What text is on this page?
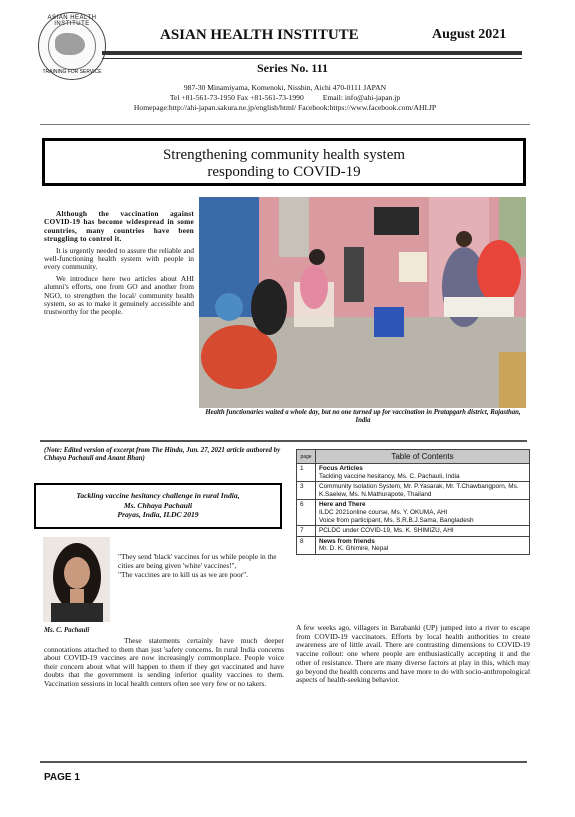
ASIAN HEALTH INSTITUTE
TRAINING FOR SERVICE
ASIAN HEALTH INSTITUTE	August 2021
Series No. 111
987-30 Minamiyama, Komenoki, Nisshin, Aichi 470-0111 JAPAN
Tel +81-561-73-1950 Fax +81-561-73-1990          Email: info@ahi-japan.jp
Homepage:http://ahi-japan.sakura.ne.jp/english/html/ Facebook:https://www.facebook.com/AHI.JP
Strengthening community health system
responding to COVID-19

Although the vaccination against COVID-19 has become widespread in some countries, many countries have been struggling to control it.

It is urgently needed to assure the reliable and well-functioning health system with people in every community.

We introduce here two articles about AHI alumni's efforts, one from GO and another from NGO, to strengthen the local/ community health system, so as to make it genuinely accessible and trustworthy for the people.

Health functionaries waited a whole day, but no one turned up for vaccination in Pratapgarh district, Rajasthan, India
(Note: Edited version of excerpt from The Hindu, Jun. 27, 2021 article authored by Chhaya Pachauli and Anant Bhan)
Tackling vaccine hesitancy challenge in rural India,
Ms. Chhaya Pachauli
Prayas, India, ILDC 2019

"They send 'black' vaccines for us while people in the cities are being given 'white' vaccines!",

"The vaccines are to kill us as we are poor".

Ms. C. Pachauli
These statements certainly have much deeper connotations attached to them than just 'safety concerns. In rural India concerns about COVID-19 vaccines are now increasingly commonplace. People voice their concern about what will happen to them if they get vaccinated and have doubts that the government is sending inferior quality vaccines to them. Vaccination sessions in local health centers often see very few or no takers.
page	Table of Contents
1	Focus Articles
Tackling vaccine hesitancy, Ms. C. Pachauli, India

3	Community Isolation System, Mr. P.Yasarak, Mr. T.Chawbangporn, Ms. K.Saelew, Ms. N.Mathurapote, Thailand

6	Here and There
ILDC 2021online course, Ms. Y. OKUMA, AHI
Voice from participant, Ms. S.R.B.J.Sama, Bangladesh

7	PCLDC under COVID-19, Ms. K. SHIMIZU, AHI

8	News from friends
Mr. D. K. Ghimire, Nepal
A few weeks ago, villagers in Barabanki (UP) jumped into a river to escape from COVID-19 vaccinators. Efforts by local health authorities to create awareness are of little avail. There are contrasting dimensions to COVID-19 vaccine rollout: one where people are enthusiastically accepting it and the other of resistance. There are many diverse factors at play in this, which may go beyond the health concerns and have more to do with socio-anthropological aspects of health-seeking behavior.
PAGE 1
